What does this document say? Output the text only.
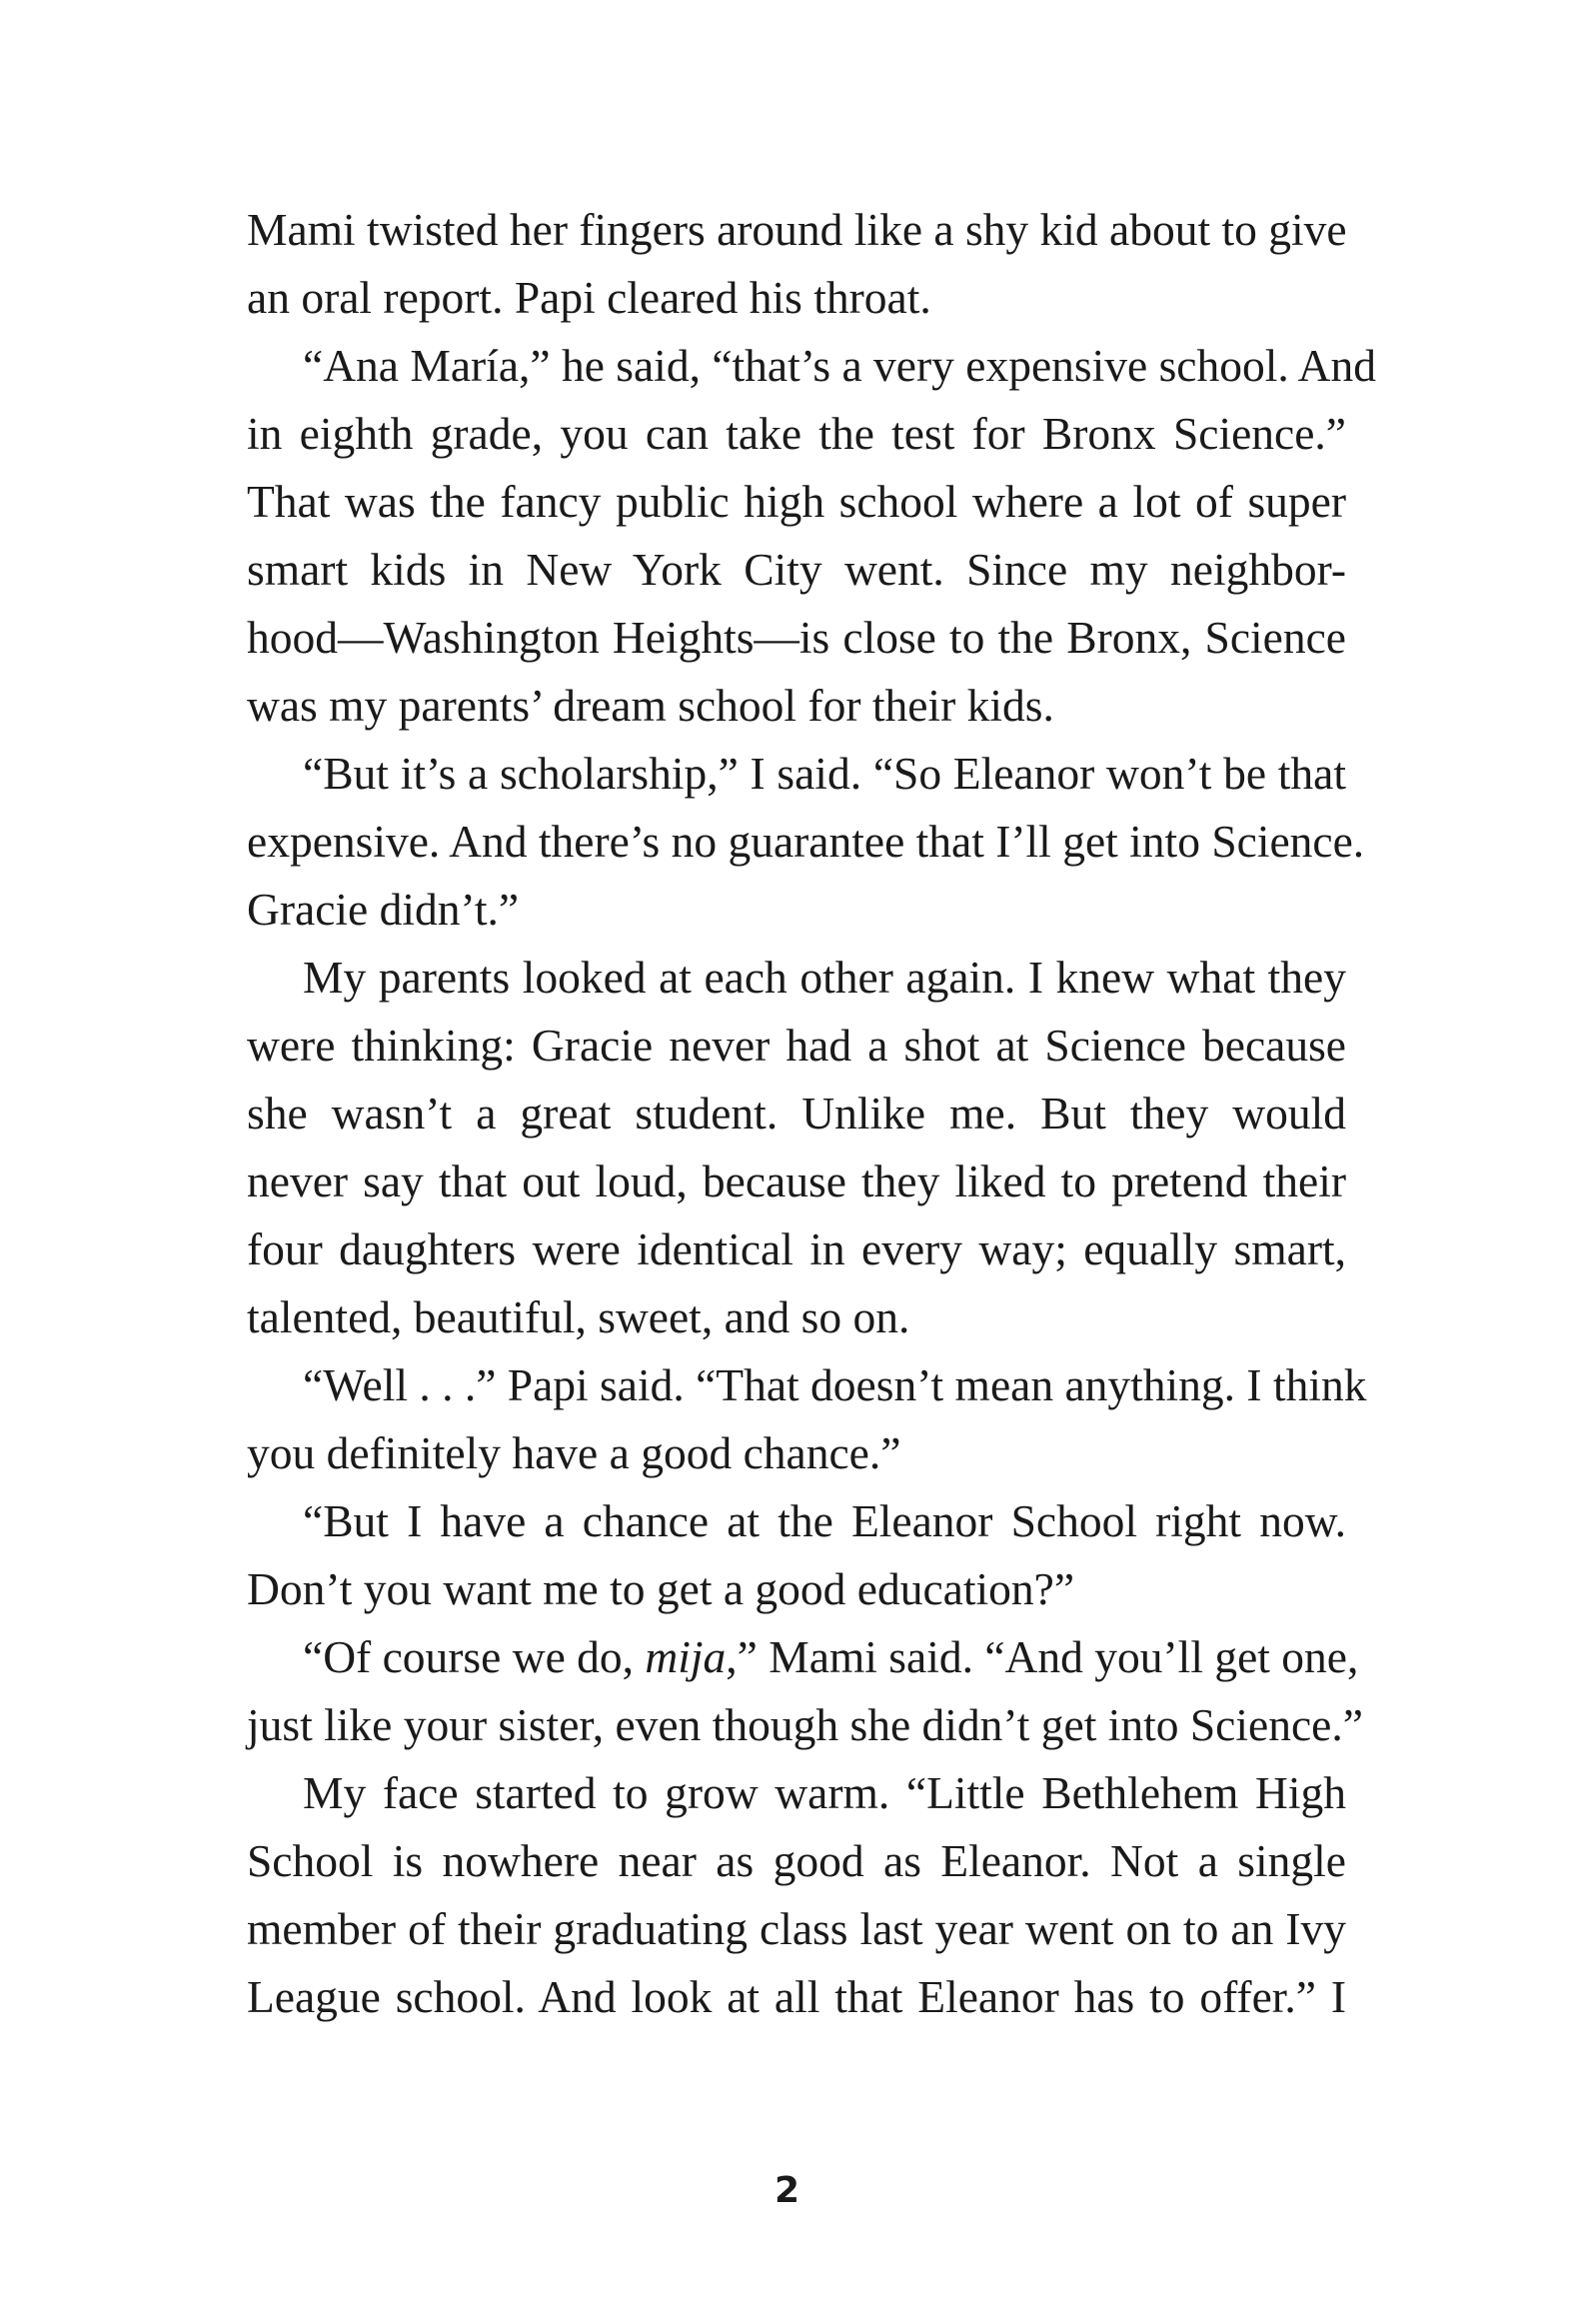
Mami twisted her fingers around like a shy kid about to give
an oral report. Papi cleared his throat.
“Ana María,” he said, “that’s a very expensive school. And
in eighth grade, you can take the test for Bronx Science.”
That was the fancy public high school where a lot of super
smart kids in New York City went. Since my neighbor-
hood—Washington Heights—is close to the Bronx, Science
was my parents’ dream school for their kids.
“But it’s a scholarship,” I said. “So Eleanor won’t be that
expensive. And there’s no guarantee that I’ll get into Science.
Gracie didn’t.”
My parents looked at each other again. I knew what they
were thinking: Gracie never had a shot at Science because
she wasn’t a great student. Unlike me. But they would
never say that out loud, because they liked to pretend their
four daughters were identical in every way; equally smart,
talented, beautiful, sweet, and so on.
“Well . . .” Papi said. “That doesn’t mean anything. I think
you definitely have a good chance.”
“But I have a chance at the Eleanor School right now.
Don’t you want me to get a good education?”
“Of course we do, mija,” Mami said. “And you’ll get one,
just like your sister, even though she didn’t get into Science.”
My face started to grow warm. “Little Bethlehem High
School is nowhere near as good as Eleanor. Not a single
member of their graduating class last year went on to an Ivy
League school. And look at all that Eleanor has to offer.” I
2
